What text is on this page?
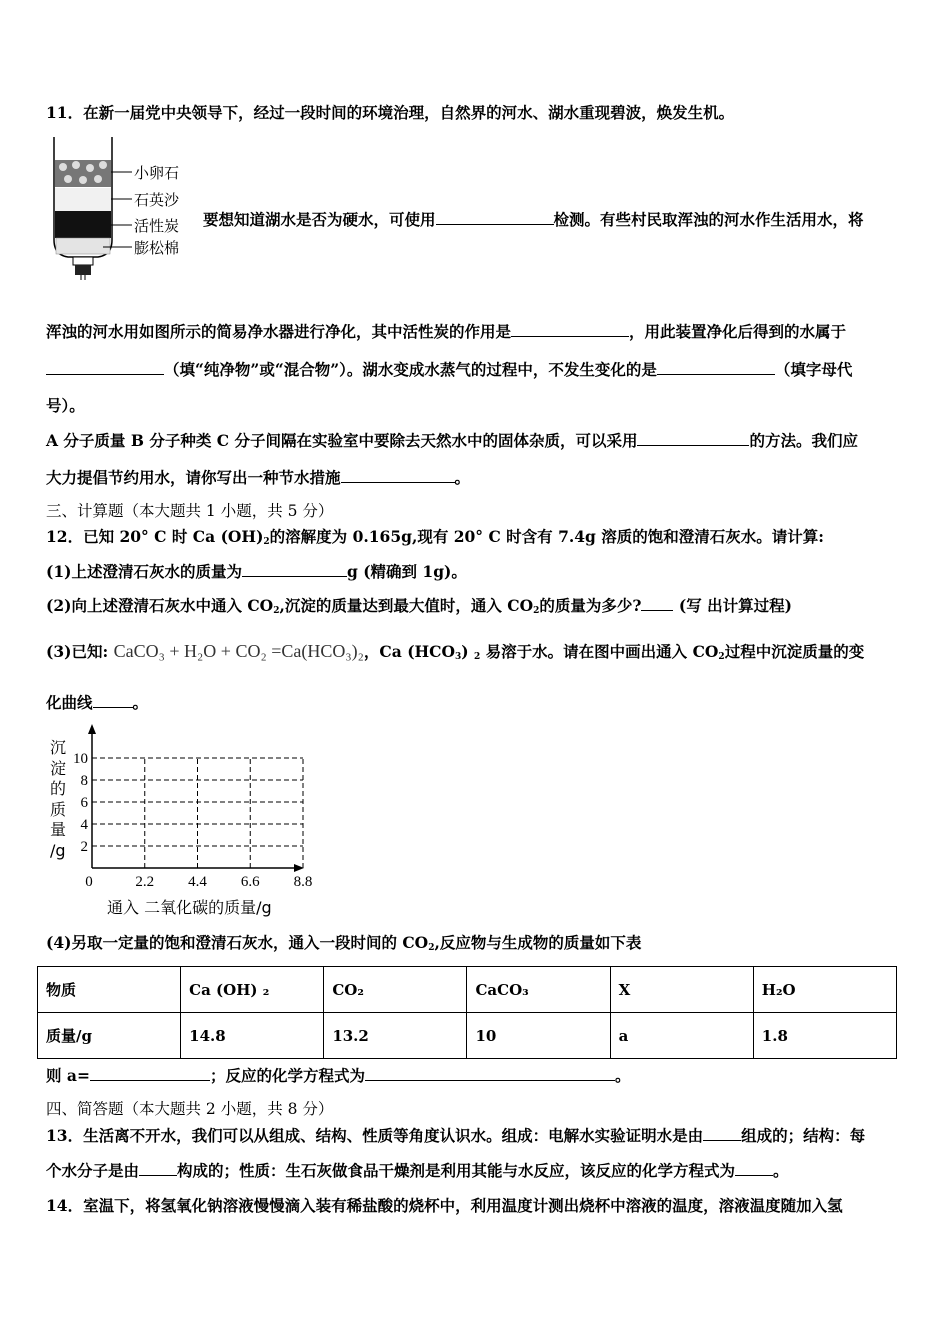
11．在新一届党中央领导下，经过一段时间的环境治理，自然界的河水、湖水重现碧波，焕发生机。
小卵石
石英沙
活性炭
膨松棉
要想知道湖水是否为硬水，可使用	检测。有些村民取浑浊的河水作生活用水，将
浑浊的河水用如图所示的简易净水器进行净化，其中活性炭的作用是	，用此装置净化后得到的水属于
（填“纯净物”或“混合物”）。湖水变成水蒸气的过程中，不发生变化的是	（填字母代
号）。
A 分子质量 B 分子种类 C 分子间隔在实验室中要除去天然水中的固体杂质，可以采用	的方法。我们应
大力提倡节约用水，请你写出一种节水措施	。
三、计算题（本大题共 1 小题，共 5 分）
12．已知 20° C 时 Ca $(OH)_2$的溶解度为 0.165g,现有 20° C 时含有 7.4g 溶质的饱和澄清石灰水。请计算:
(1)上述澄清石灰水的质量为	g (精确到 1g)。
(2)向上述澄清石灰水中通入 $CO_2$,沉淀的质量达到最大值时，通入 $CO_2$的质量为多少? (写 出计算过程)
(3)已知: CaCO₃ + H₂O + CO₂ =Ca(HCO₃)₂，Ca $(HCO_3)$ $_2$ 易溶于水。请在图中画出通入 $CO_2$过程中沉淀质量的变
化曲线	。
2
4
6
8
10
2.2 4.4 6.6 8.8
0
沉
淀
的
质
量
/g
通入 二氧化碳的质量/g
(4)另取一定量的饱和澄清石灰水，通入一段时间的 $CO_2$,反应物与生成物的质量如下表
物质	Ca (OH) ₂	CO₂	CaCO₃	X	H₂O
质量/g	14.8	13.2	10	a	1.8
则 a=	；反应的化学方程式为	。
四、简答题（本大题共 2 小题，共 8 分）
13．生活离不开水，我们可以从组成、结构、性质等角度认识水。组成：电解水实验证明水是由 组成的；结构：每
个水分子是由 构成的；性质：生石灰做食品干燥剂是利用其能与水反应，该反应的化学方程式为 。
14．室温下，将氢氧化钠溶液慢慢滴入装有稀盐酸的烧杯中，利用温度计测出烧杯中溶液的温度，溶液温度随加入氢
